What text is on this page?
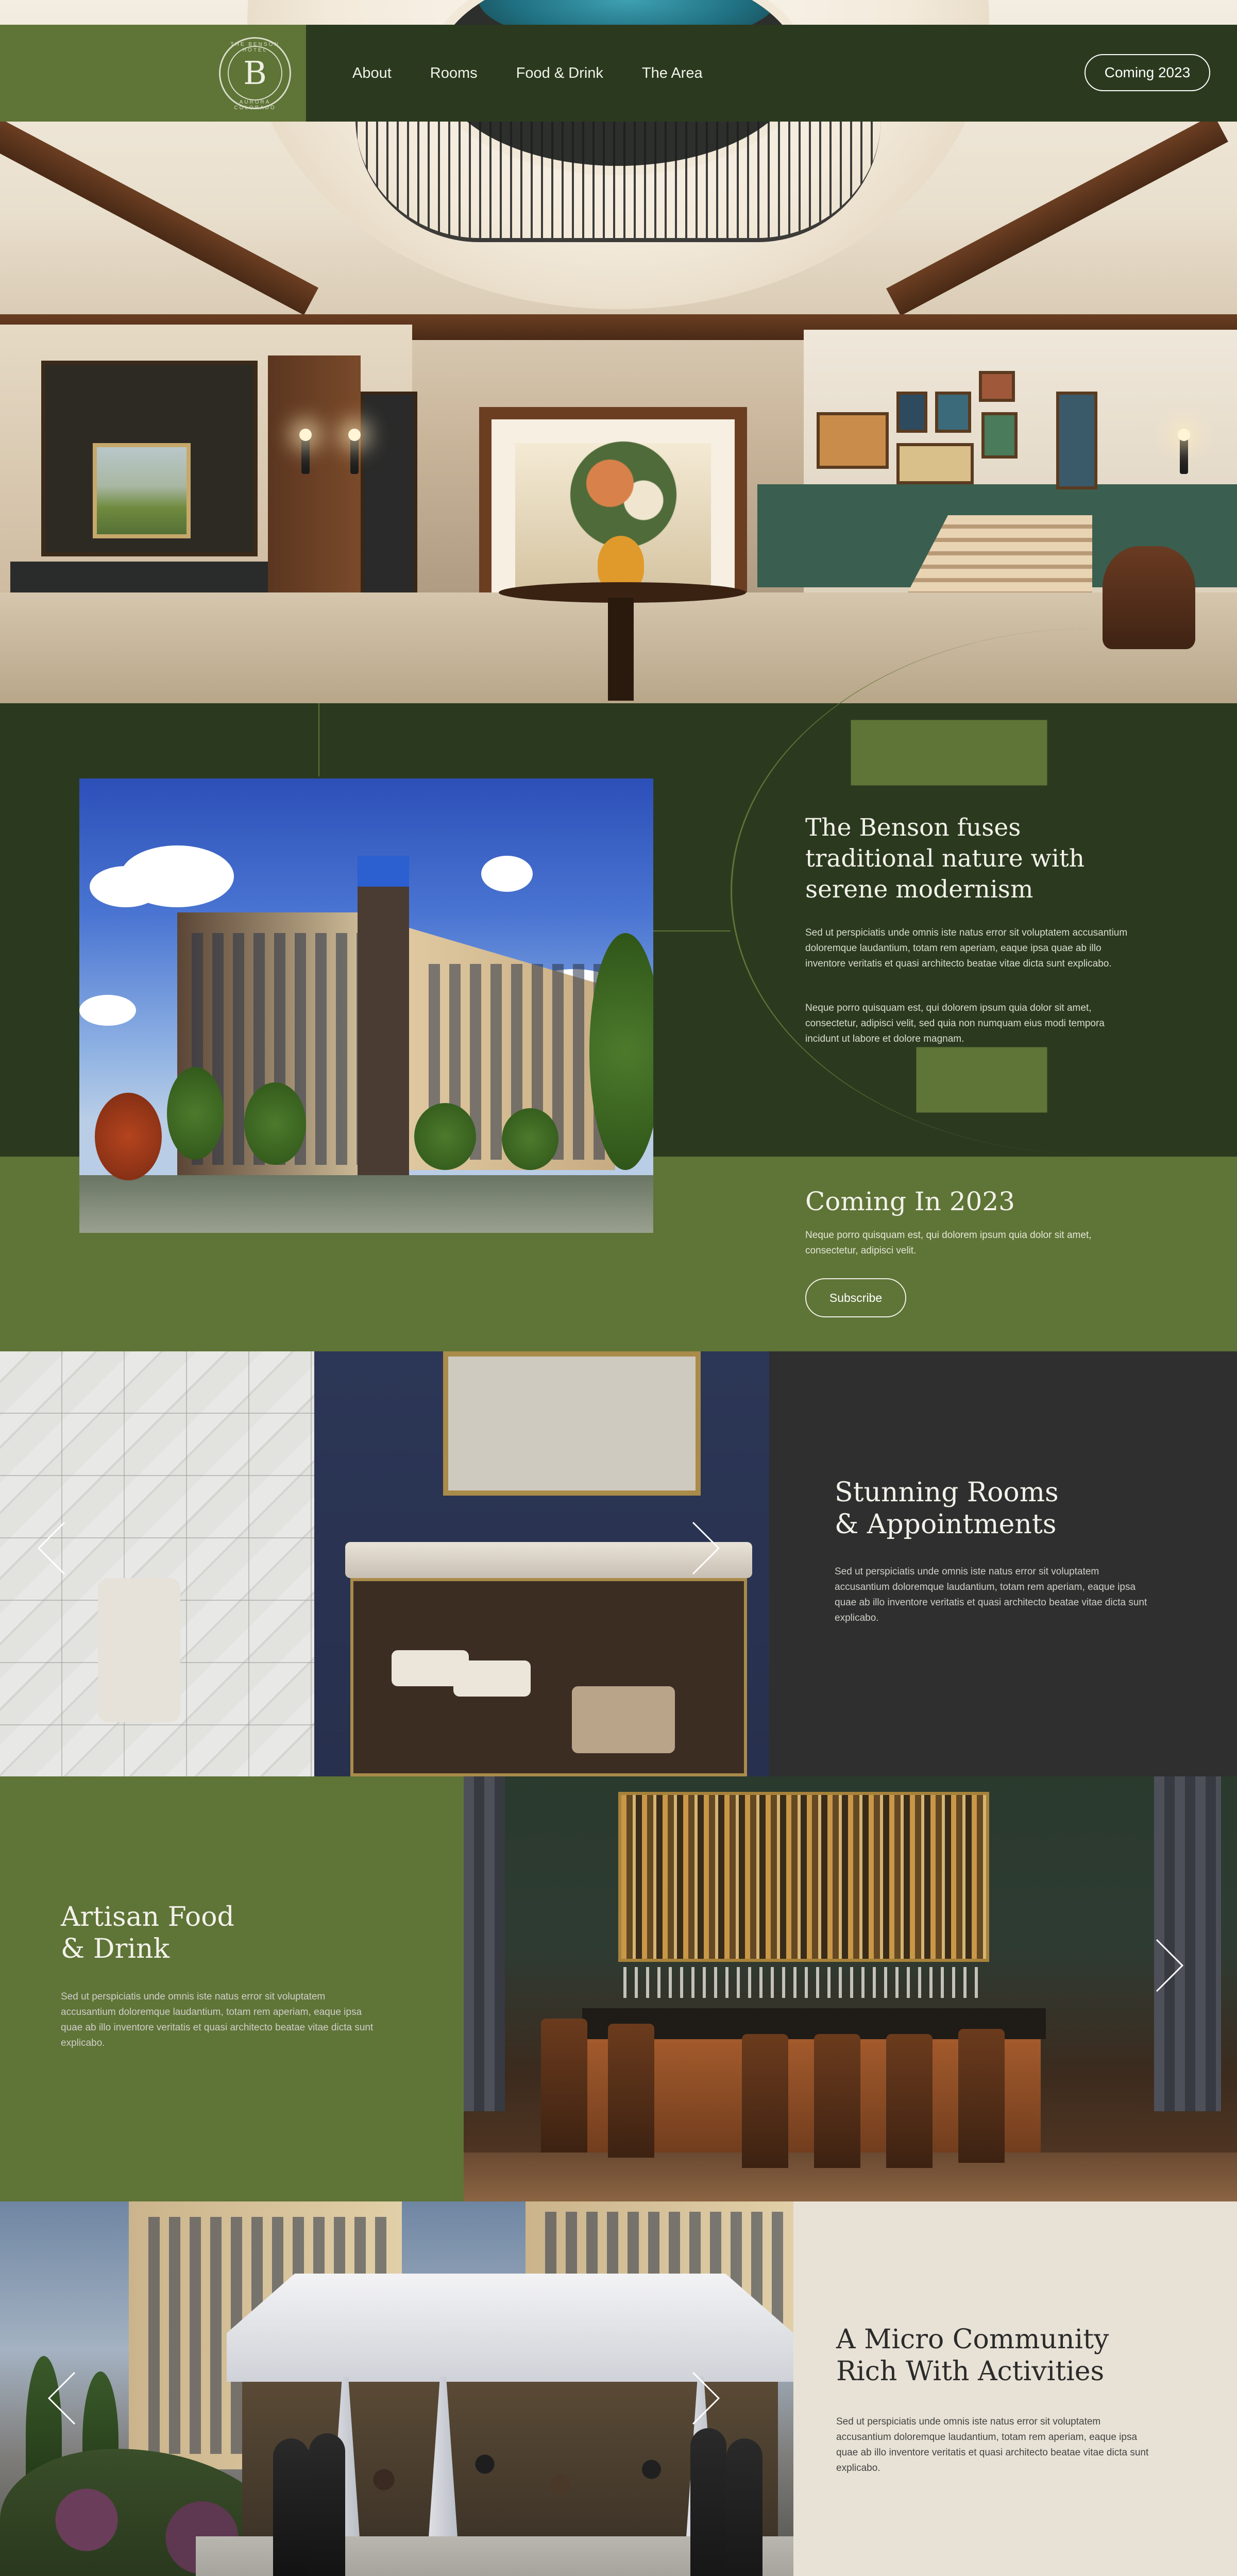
THE BENSON HOTEL
B
AURORA COLORADO
About	Rooms	Food & Drink	The Area	Coming 2023
The Benson fuses traditional nature with serene modernism
Sed ut perspiciatis unde omnis iste natus error sit voluptatem accusantium doloremque laudantium, totam rem aperiam, eaque ipsa quae ab illo inventore veritatis et quasi architecto beatae vitae dicta sunt explicabo.
Neque porro quisquam est, qui dolorem ipsum quia dolor sit amet, consectetur, adipisci velit, sed quia non numquam eius modi tempora incidunt ut labore et dolore magnam.
Coming In 2023
Neque porro quisquam est, qui dolorem ipsum quia dolor sit amet, consectetur, adipisci velit.
Subscribe
Stunning Rooms
& Appointments
Sed ut perspiciatis unde omnis iste natus error sit voluptatem accusantium doloremque laudantium, totam rem aperiam, eaque ipsa quae ab illo inventore veritatis et quasi architecto beatae vitae dicta sunt explicabo.
Artisan Food
& Drink
Sed ut perspiciatis unde omnis iste natus error sit voluptatem accusantium doloremque laudantium, totam rem aperiam, eaque ipsa quae ab illo inventore veritatis et quasi architecto beatae vitae dicta sunt explicabo.
A Micro Community
Rich With Activities
Sed ut perspiciatis unde omnis iste natus error sit voluptatem accusantium doloremque laudantium, totam rem aperiam, eaque ipsa quae ab illo inventore veritatis et quasi architecto beatae vitae dicta sunt explicabo.
